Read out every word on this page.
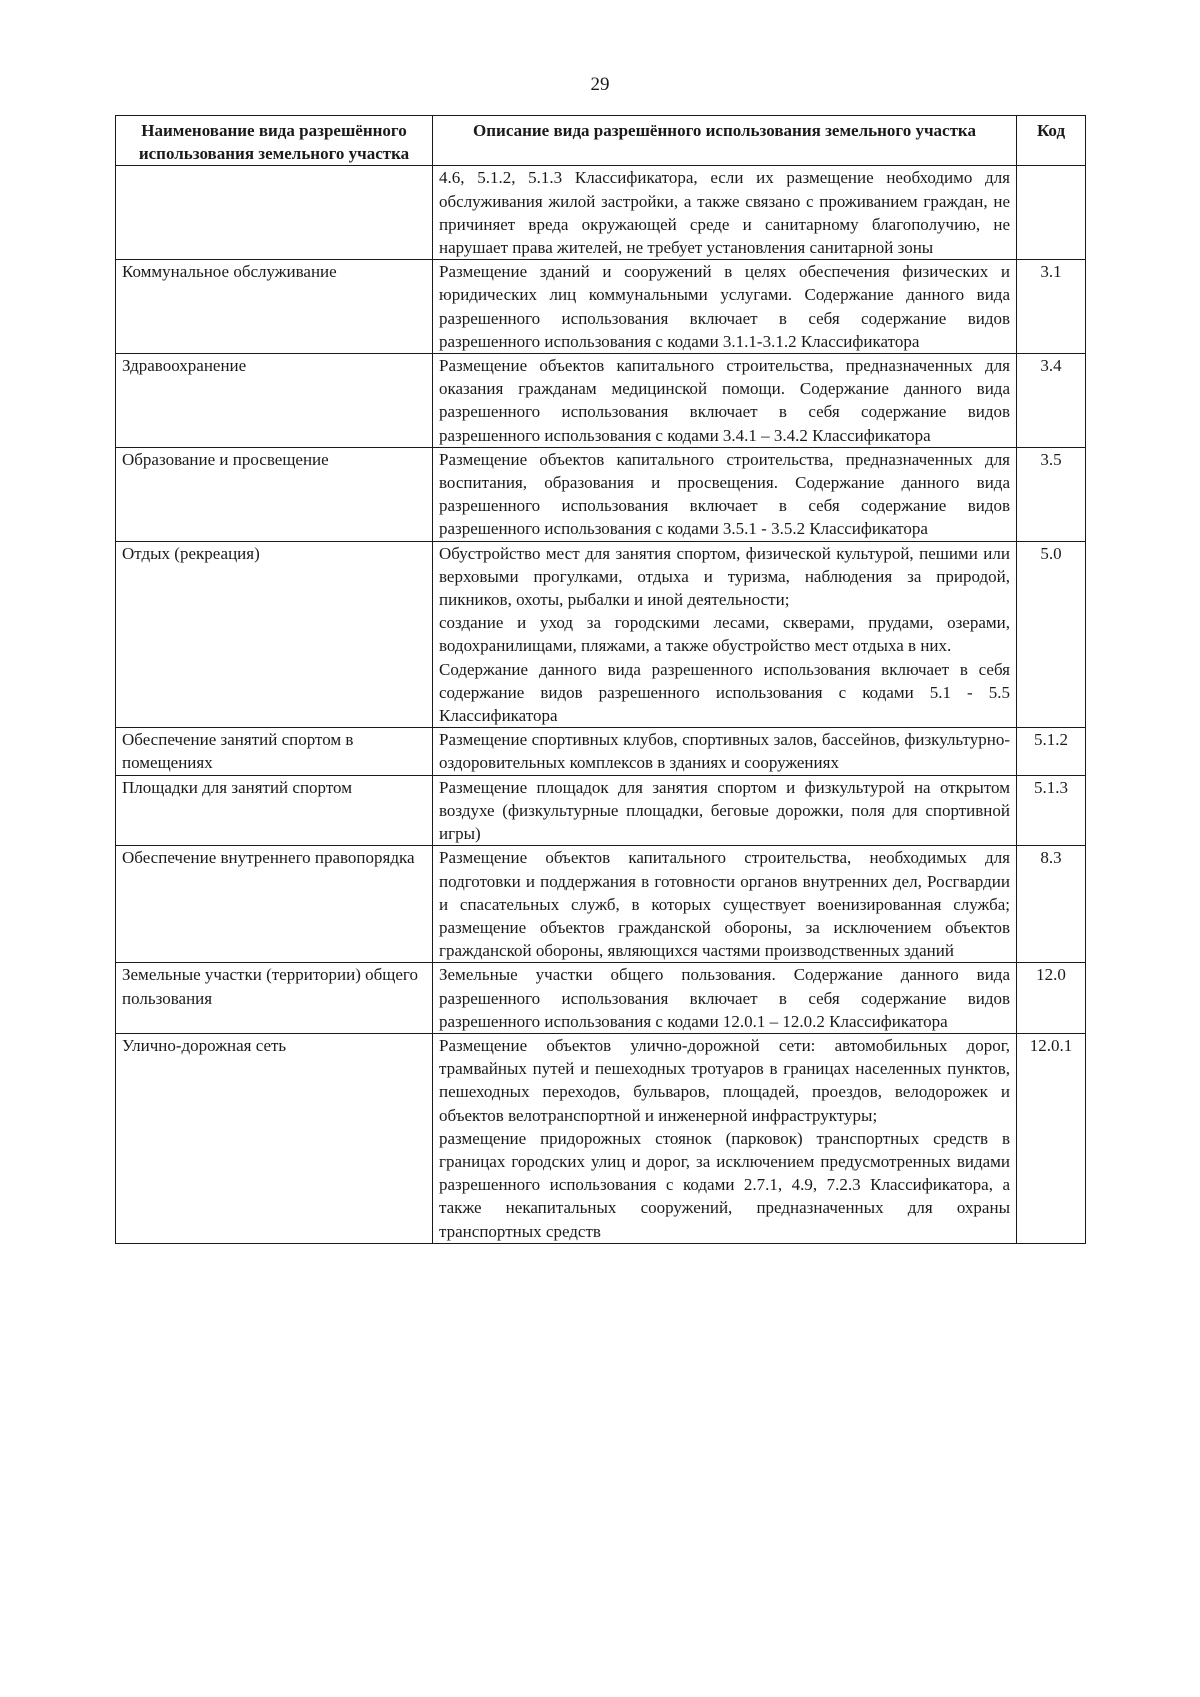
29
Наименование вида разрешённого использования земельного участка	Описание вида разрешённого использования земельного участка	Код
	4.6, 5.1.2, 5.1.3 Классификатора, если их размещение необходимо для обслуживания жилой застройки, а также связано с проживанием граждан, не причиняет вреда окружающей среде и санитарному благополучию, не нарушает права жителей, не требует установления санитарной зоны	
Коммунальное обслуживание	Размещение зданий и сооружений в целях обеспечения физических и юридических лиц коммунальными услугами. Содержание данного вида разрешенного использования включает в себя содержание видов разрешенного использования с кодами 3.1.1-3.1.2 Классификатора	3.1
Здравоохранение	Размещение объектов капитального строительства, предназначенных для оказания гражданам медицинской помощи. Содержание данного вида разрешенного использования включает в себя содержание видов разрешенного использования с кодами 3.4.1 – 3.4.2 Классификатора	3.4
Образование и просвещение	Размещение объектов капитального строительства, предназначенных для воспитания, образования и просвещения. Содержание данного вида разрешенного использования включает в себя содержание видов разрешенного использования с кодами 3.5.1 - 3.5.2 Классификатора	3.5
Отдых (рекреация)	Обустройство мест для занятия спортом, физической культурой, пешими или верховыми прогулками, отдыха и туризма, наблюдения за природой, пикников, охоты, рыбалки и иной деятельности;
создание и уход за городскими лесами, скверами, прудами, озерами, водохранилищами, пляжами, а также обустройство мест отдыха в них.
Содержание данного вида разрешенного использования включает в себя содержание видов разрешенного использования с кодами 5.1 - 5.5 Классификатора	5.0
Обеспечение занятий спортом в помещениях	Размещение спортивных клубов, спортивных залов, бассейнов, физкультурно-оздоровительных комплексов в зданиях и сооружениях	5.1.2
Площадки для занятий спортом	Размещение площадок для занятия спортом и физкультурой на открытом воздухе (физкультурные площадки, беговые дорожки, поля для спортивной игры)	5.1.3
Обеспечение внутреннего правопорядка	Размещение объектов капитального строительства, необходимых для подготовки и поддержания в готовности органов внутренних дел, Росгвардии и спасательных служб, в которых существует военизированная служба; размещение объектов гражданской обороны, за исключением объектов гражданской обороны, являющихся частями производственных зданий	8.3
Земельные участки (территории) общего пользования	Земельные участки общего пользования. Содержание данного вида разрешенного использования включает в себя содержание видов разрешенного использования с кодами 12.0.1 – 12.0.2 Классификатора	12.0
Улично-дорожная сеть	Размещение объектов улично-дорожной сети: автомобильных дорог, трамвайных путей и пешеходных тротуаров в границах населенных пунктов, пешеходных переходов, бульваров, площадей, проездов, велодорожек и объектов велотранспортной и инженерной инфраструктуры;
размещение придорожных стоянок (парковок) транспортных средств в границах городских улиц и дорог, за исключением предусмотренных видами разрешенного использования с кодами 2.7.1, 4.9, 7.2.3 Классификатора, а также некапитальных сооружений, предназначенных для охраны транспортных средств	12.0.1
